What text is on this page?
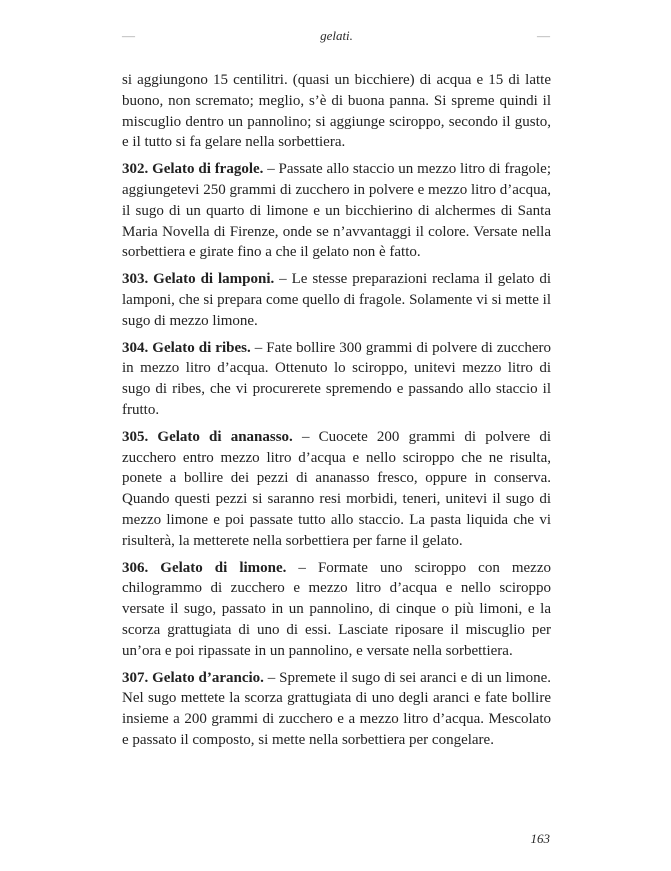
—	gelati.	—

si aggiungono 15 centilitri. (quasi un bicchiere) di acqua e 15 di latte buono, non scremato; meglio, s’è di buona panna. Si spreme quindi il miscuglio dentro un pannolino; si aggiunge sciroppo, secondo il gusto, e il tutto si fa gelare nella sorbettiera.

302. Gelato di fragole. – Passate allo staccio un mezzo litro di fragole; aggiungetevi 250 grammi di zucchero in polvere e mezzo litro d’acqua, il sugo di un quarto di limone e un bicchierino di alchermes di Santa Maria Novella di Firenze, onde se n’avvantaggi il colore. Versate nella sorbettiera e girate fino a che il gelato non è fatto.

303. Gelato di lamponi. – Le stesse preparazioni reclama il gelato di lamponi, che si prepara come quello di fragole. Solamente vi si mette il sugo di mezzo limone.

304. Gelato di ribes. – Fate bollire 300 grammi di polvere di zucchero in mezzo litro d’acqua. Ottenuto lo sciroppo, unitevi mezzo litro di sugo di ribes, che vi procurerete spremendo e passando allo staccio il frutto.

305. Gelato di ananasso. – Cuocete 200 grammi di polvere di zucchero entro mezzo litro d’acqua e nello sciroppo che ne risulta, ponete a bollire dei pezzi di ananasso fresco, oppure in conserva. Quando questi pezzi si saranno resi morbidi, teneri, unitevi il sugo di mezzo limone e poi passate tutto allo staccio. La pasta liquida che vi risulterà, la metterete nella sorbettiera per farne il gelato.

306. Gelato di limone. – Formate uno sciroppo con mezzo chilogrammo di zucchero e mezzo litro d’acqua e nello sciroppo versate il sugo, passato in un pannolino, di cinque o più limoni, e la scorza grattugiata di uno di essi. Lasciate riposare il miscuglio per un’ora e poi ripassate in un pannolino, e versate nella sorbettiera.

307. Gelato d’arancio. – Spremete il sugo di sei aranci e di un limone. Nel sugo mettete la scorza grattugiata di uno degli aranci e fate bollire insieme a 200 grammi di zucchero e a mezzo litro d’acqua. Mescolato e passato il composto, si mette nella sorbettiera per congelare.

163
